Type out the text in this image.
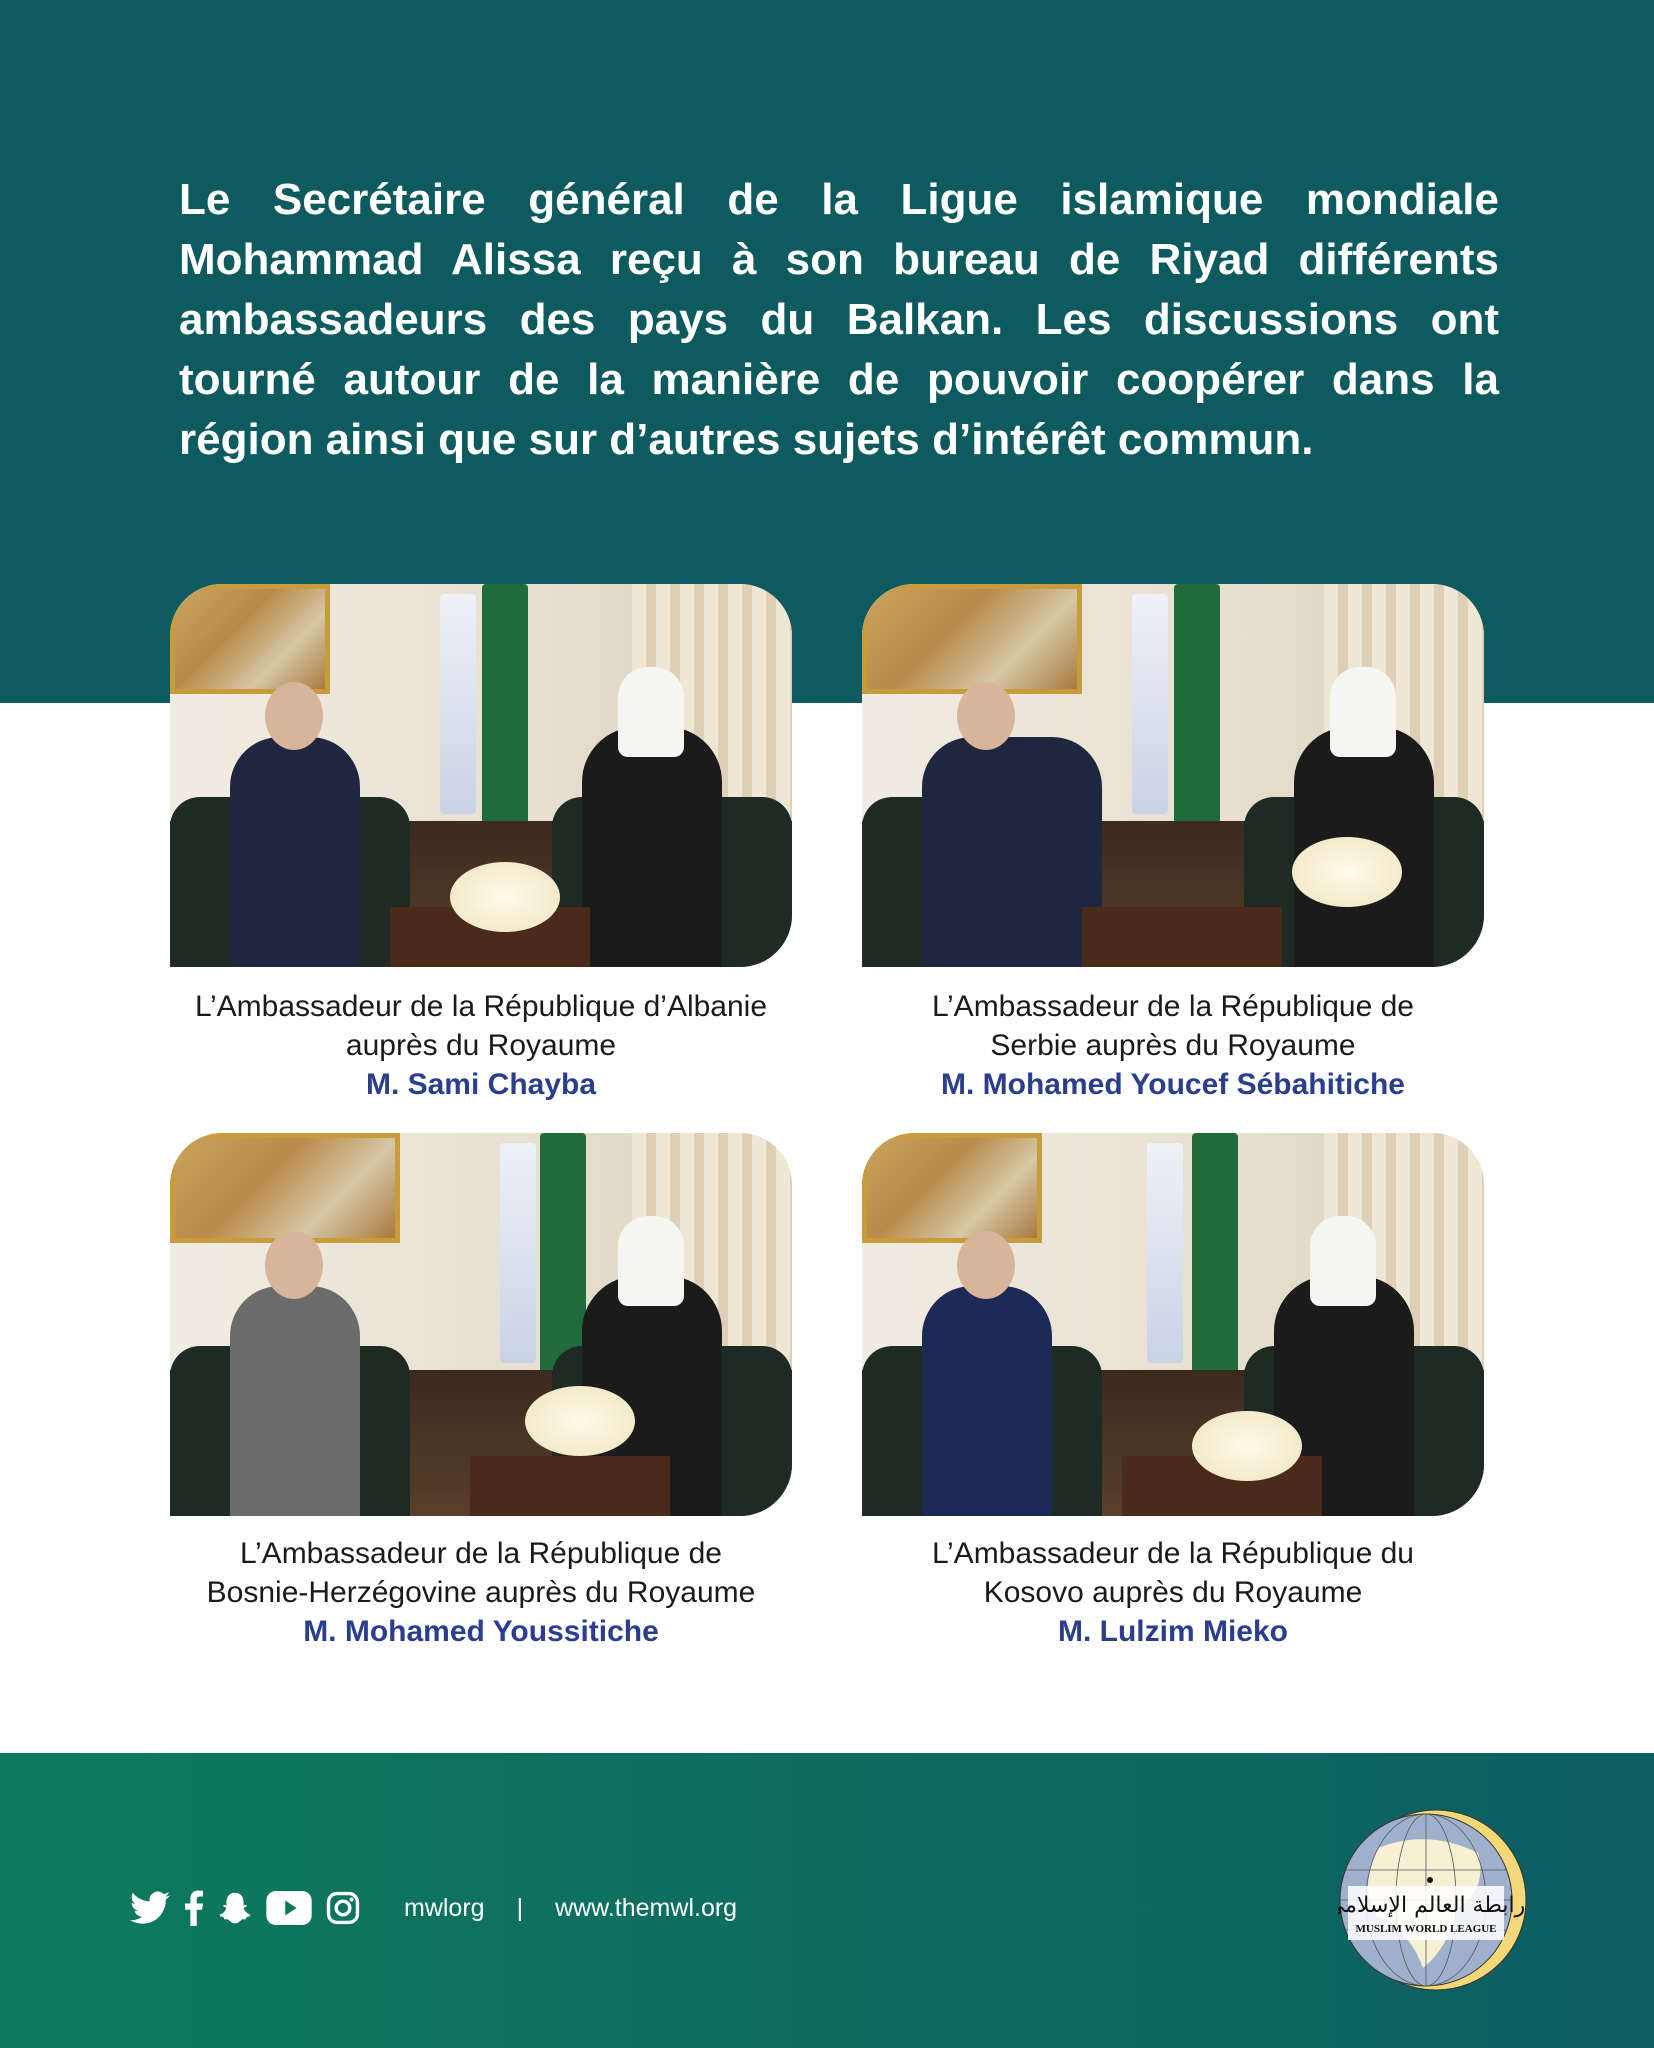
Le Secrétaire général de la Ligue islamique mondiale
Mohammad Alissa reçu à son bureau de Riyad différents
ambassadeurs des pays du Balkan. Les discussions ont
tourné autour de la manière de pouvoir coopérer dans la
région ainsi que sur d’autres sujets d’intérêt commun.
L’Ambassadeur de la République d’Albanie
auprès du Royaume
M. Sami Chayba
L’Ambassadeur de la République de
Serbie auprès du Royaume
M. Mohamed Youcef Sébahitiche
L’Ambassadeur de la République de
Bosnie-Herzégovine auprès du Royaume
M. Mohamed Youssitiche
L’Ambassadeur de la République du
Kosovo auprès du Royaume
M. Lulzim Mieko
mwlorg | www.themwl.org	رابطة العالم الإسلامي
MUSLIM WORLD LEAGUE
